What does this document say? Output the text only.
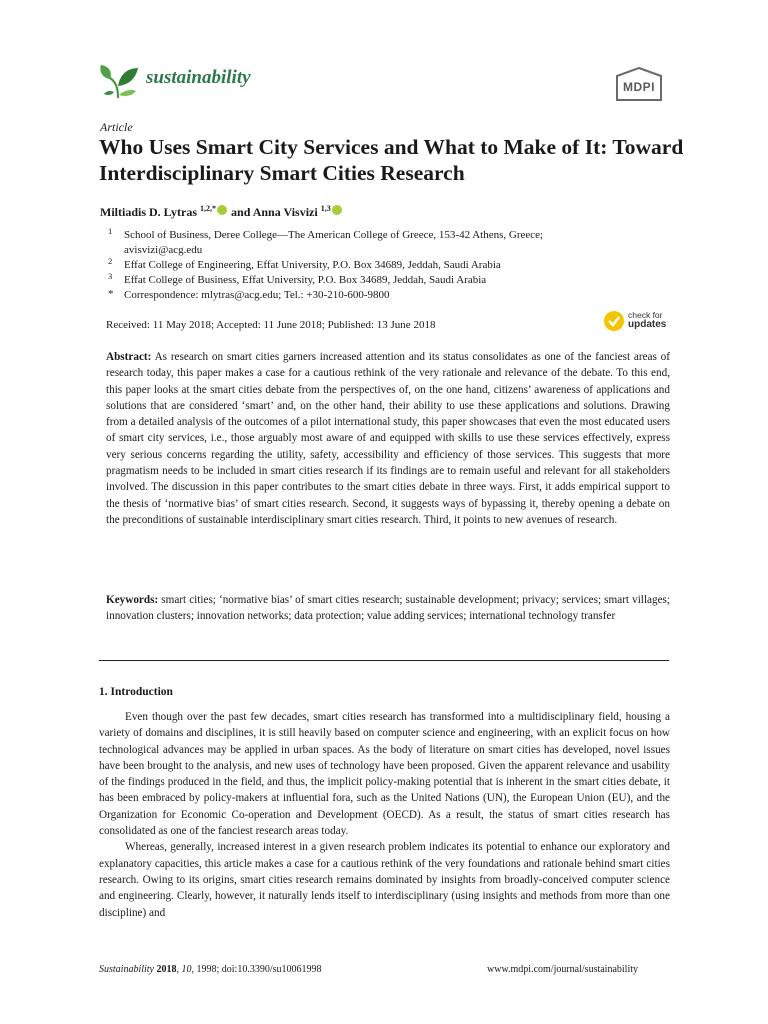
sustainability	MDPI
Article
Who Uses Smart City Services and What to Make of It: Toward Interdisciplinary Smart Cities Research
Miltiadis D. Lytras $^{1,2,*}$ and Anna Visvizi $^{1,3}$
1 School of Business, Deree College—The American College of Greece, 153-42 Athens, Greece;
avisvizi@acg.edu
2 Effat College of Engineering, Effat University, P.O. Box 34689, Jeddah, Saudi Arabia
3 Effat College of Business, Effat University, P.O. Box 34689, Jeddah, Saudi Arabia
* Correspondence: mlytras@acg.edu; Tel.: +30-210-600-9800
Received: 11 May 2018; Accepted: 11 June 2018; Published: 13 June 2018
check for
updates
Abstract: As research on smart cities garners increased attention and its status consolidates as one of the fanciest areas of research today, this paper makes a case for a cautious rethink of the very rationale and relevance of the debate. To this end, this paper looks at the smart cities debate from the perspectives of, on the one hand, citizens’ awareness of applications and solutions that are considered ‘smart’ and, on the other hand, their ability to use these applications and solutions. Drawing from a detailed analysis of the outcomes of a pilot international study, this paper showcases that even the most educated users of smart city services, i.e., those arguably most aware of and equipped with skills to use these services effectively, express very serious concerns regarding the utility, safety, accessibility and efficiency of those services. This suggests that more pragmatism needs to be included in smart cities research if its findings are to remain useful and relevant for all stakeholders involved. The discussion in this paper contributes to the smart cities debate in three ways. First, it adds empirical support to the thesis of ‘normative bias’ of smart cities research. Second, it suggests ways of bypassing it, thereby opening a debate on the preconditions of sustainable interdisciplinary smart cities research. Third, it points to new avenues of research.
Keywords: smart cities; ‘normative bias’ of smart cities research; sustainable development; privacy; services; smart villages; innovation clusters; innovation networks; data protection; value adding services; international technology transfer
1. Introduction

Even though over the past few decades, smart cities research has transformed into a multidisciplinary field, housing a variety of domains and disciplines, it is still heavily based on computer science and engineering, with an explicit focus on how technological advances may be applied in urban spaces. As the body of literature on smart cities has developed, novel issues have been brought to the analysis, and new uses of technology have been proposed. Given the apparent relevance and usability of the findings produced in the field, and thus, the implicit policy-making potential that is inherent in the smart cities debate, it has been embraced by policy-makers at influential fora, such as the United Nations (UN), the European Union (EU), and the Organization for Economic Co-operation and Development (OECD). As a result, the status of smart cities research has consolidated as one of the fanciest research areas today.

Whereas, generally, increased interest in a given research problem indicates its potential to enhance our exploratory and explanatory capacities, this article makes a case for a cautious rethink of the very foundations and rationale behind smart cities research. Owing to its origins, smart cities research remains dominated by insights from broadly-conceived computer science and engineering. Clearly, however, it naturally lends itself to interdisciplinary (using insights and methods from more than one discipline) and

Sustainability 2018, 10, 1998; doi:10.3390/su10061998	www.mdpi.com/journal/sustainability
